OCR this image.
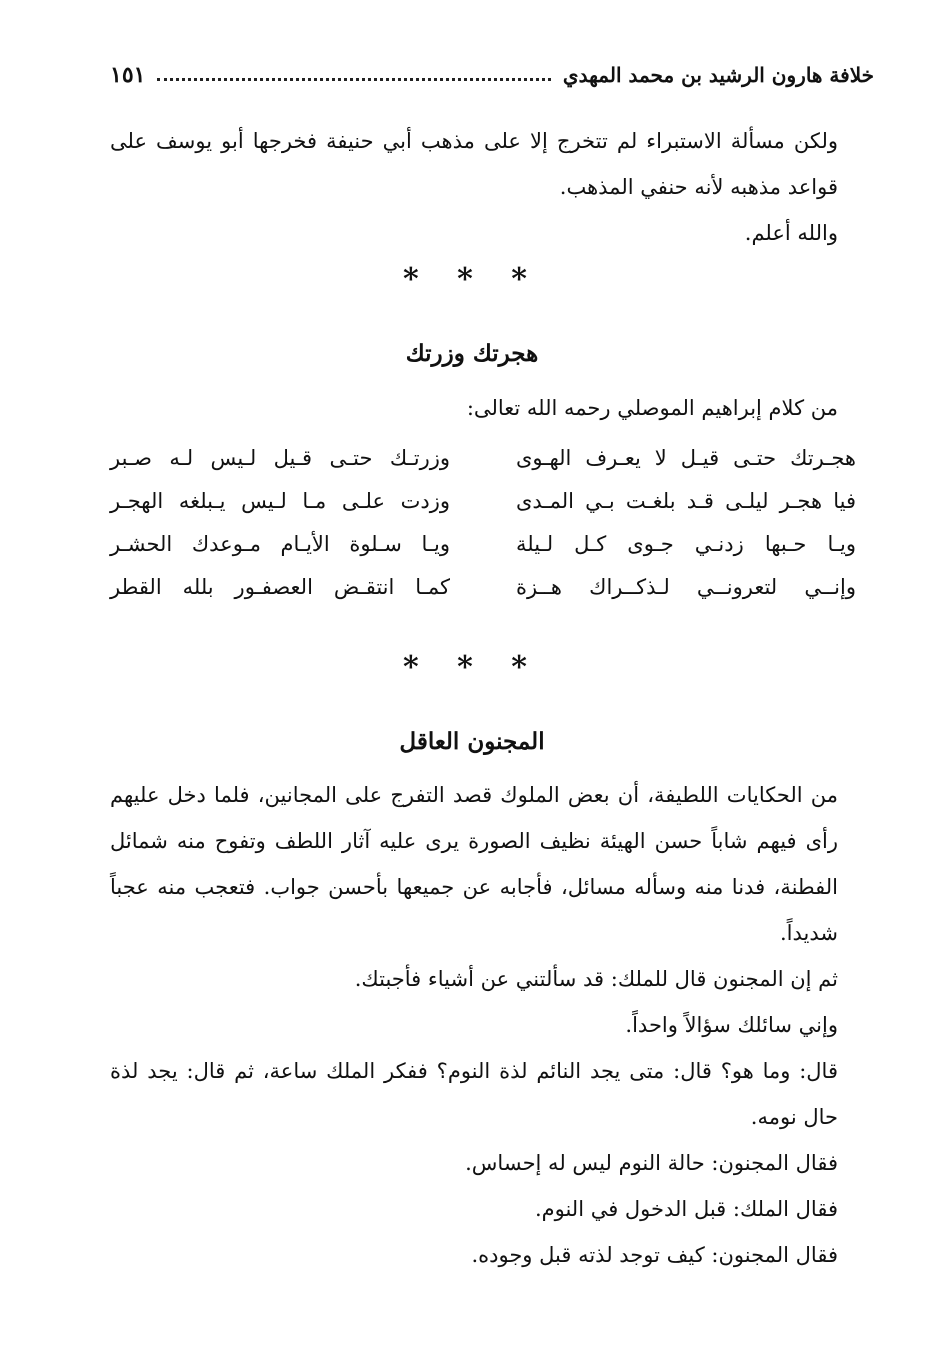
خلافة هارون الرشيد بن محمد المهدي
١٥١

ولكن مسألة الاستبراء لم تتخرج إلا على مذهب أبي حنيفة فخرجها أبو يوسف على قواعد مذهبه لأنه حنفي المذهب.

والله أعلم.

* * *
هجرتك وزرتك

من كلام إبراهيم الموصلي رحمه الله تعالى:

هجـرتك حتـى قيـل لا يعـرف الهـوى
وزرتـك حتـى قـيل لـيس لـه صـبر
فيا هجـر ليلـى قـد بلغـت بـي المـدى
وزدت علـى مـا لـيس يـبلغه الهجـر
ويـا حـبها زدنـي جـوى كـل لـيلة
ويـا سـلوة الأيـام مـوعدك الحشـر
وإنــي لتعرونــي لـذكــراك هــزة
كمـا انتقـض العصفـور بلله القطر
* * *
المجنون العاقل

من الحكايات اللطيفة، أن بعض الملوك قصد التفرج على المجانين، فلما دخل عليهم رأى فيهم شاباً حسن الهيئة نظيف الصورة يرى عليه آثار اللطف وتفوح منه شمائل الفطنة، فدنا منه وسأله مسائل، فأجابه عن جميعها بأحسن جواب. فتعجب منه عجباً شديداً.

ثم إن المجنون قال للملك: قد سألتني عن أشياء فأجبتك.

وإني سائلك سؤالاً واحداً.

قال: وما هو؟ قال: متى يجد النائم لذة النوم؟ ففكر الملك ساعة، ثم قال: يجد لذة حال نومه.

فقال المجنون: حالة النوم ليس له إحساس.

فقال الملك: قبل الدخول في النوم.

فقال المجنون: كيف توجد لذته قبل وجوده.
